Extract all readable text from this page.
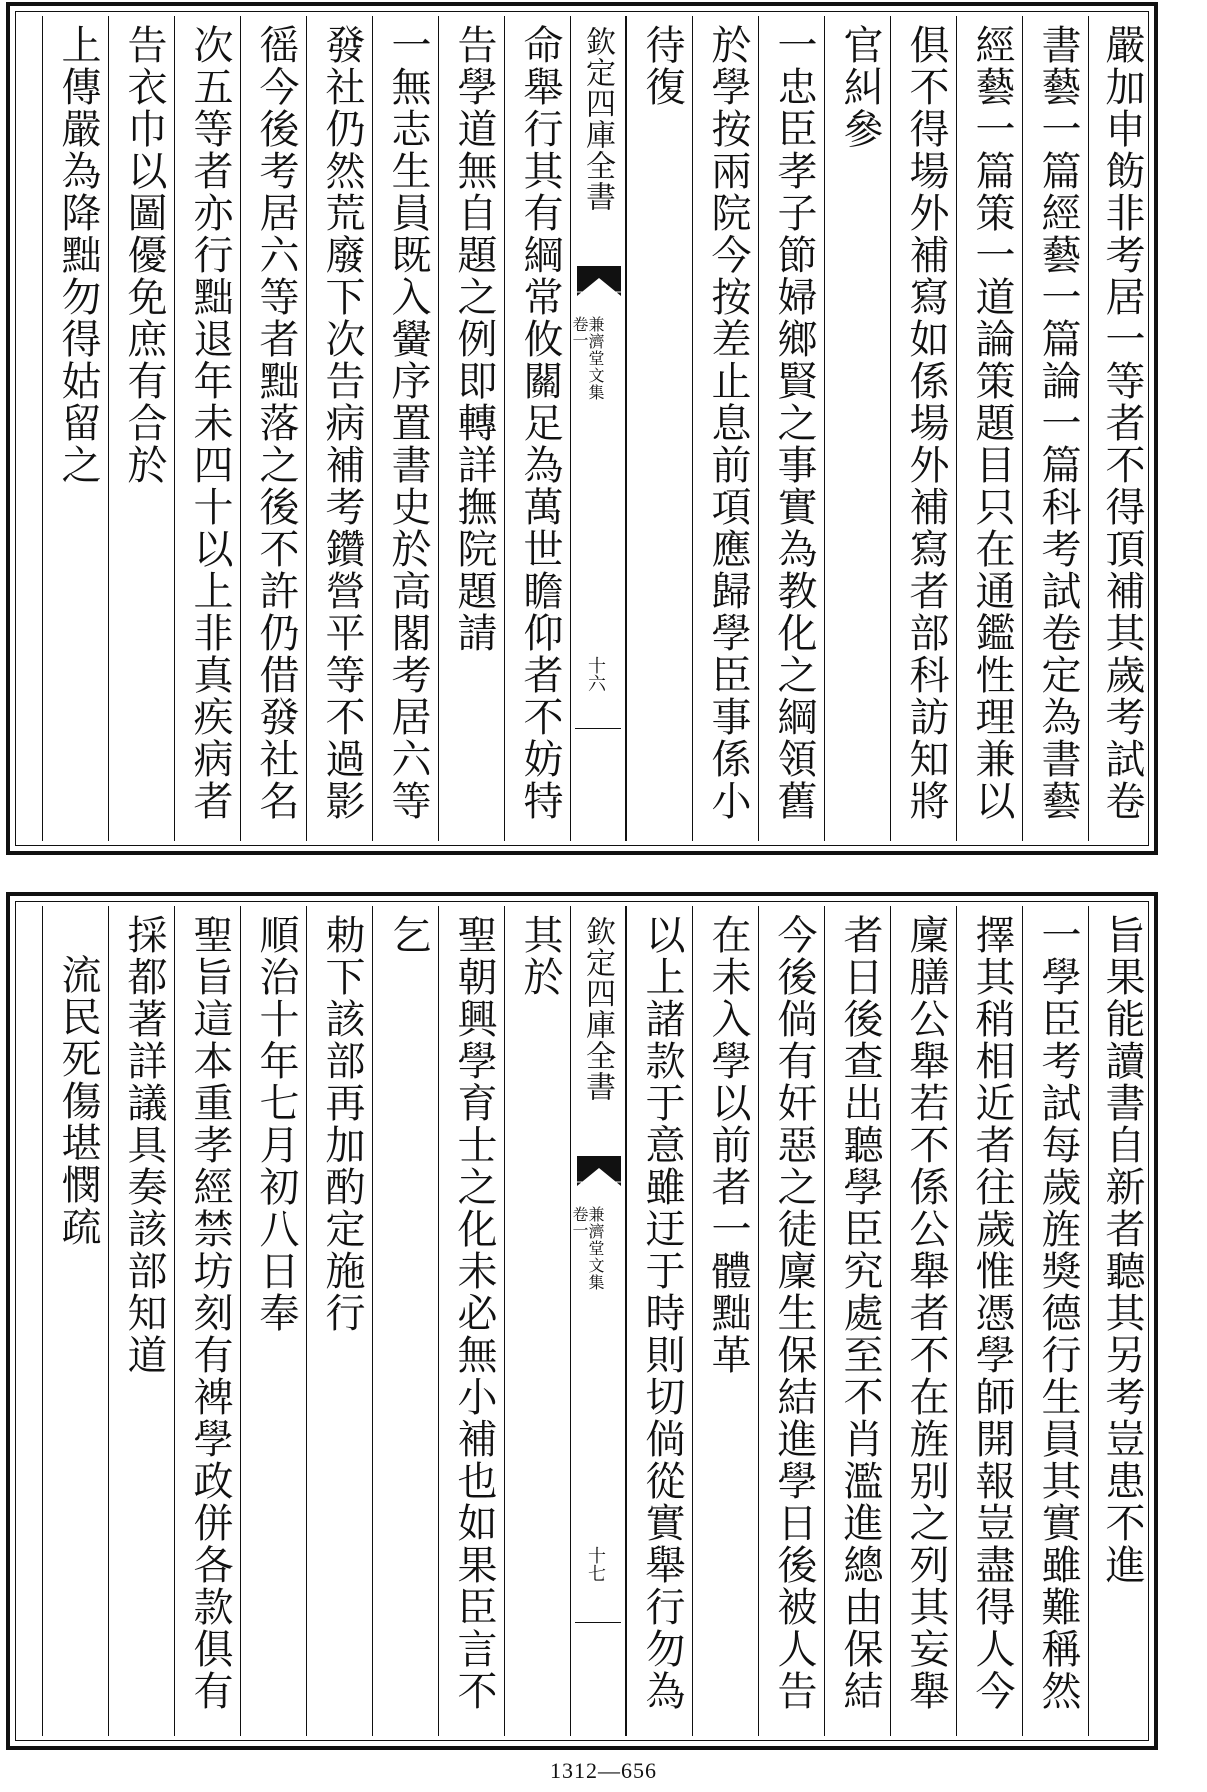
嚴加申飭非考居一等者不得頂補其歲考試卷
書藝一篇經藝一篇論一篇科考試卷定為書藝
經藝一篇策一道論策題目只在通鑑性理兼以
俱不得場外補寫如係場外補寫者部科訪知將
官糾參
一忠臣孝子節婦鄉賢之事實為教化之綱領舊
於學按兩院今按差止息前項應歸學臣事係小
待復
欽定四庫全書
兼濟堂文集
卷一
十六
命舉行其有綱常攸關足為萬世瞻仰者不妨特
告學道無自題之例即轉詳撫院題請
一無志生員既入黌序置書史於高閣考居六等
發社仍然荒廢下次告病補考鑽營平等不過影
徭今後考居六等者黜落之後不許仍借發社名
次五等者亦行黜退年未四十以上非真疾病者
告衣巾以圖優免庶有合於
上傳嚴為降黜勿得姑留之
旨果能讀書自新者聽其另考豈患不進
一學臣考試每歲旌獎德行生員其實雖難稱然
擇其稍相近者往歲惟憑學師開報豈盡得人今
廩膳公舉若不係公舉者不在旌别之列其妄舉
者日後查出聽學臣究處至不肖濫進總由保結
今後倘有奸惡之徒廩生保結進學日後被人告
在未入學以前者一體黜革
以上諸款于意雖迂于時則切倘從實舉行勿為
欽定四庫全書
兼濟堂文集
卷一
十七
其於
聖朝興學育士之化未必無小補也如果臣言不
乞
勅下該部再加酌定施行
順治十年七月初八日奉
聖旨這本重孝經禁坊刻有裨學政併各款俱有
採都著詳議具奏該部知道
流民死傷堪憫疏
1312—656
